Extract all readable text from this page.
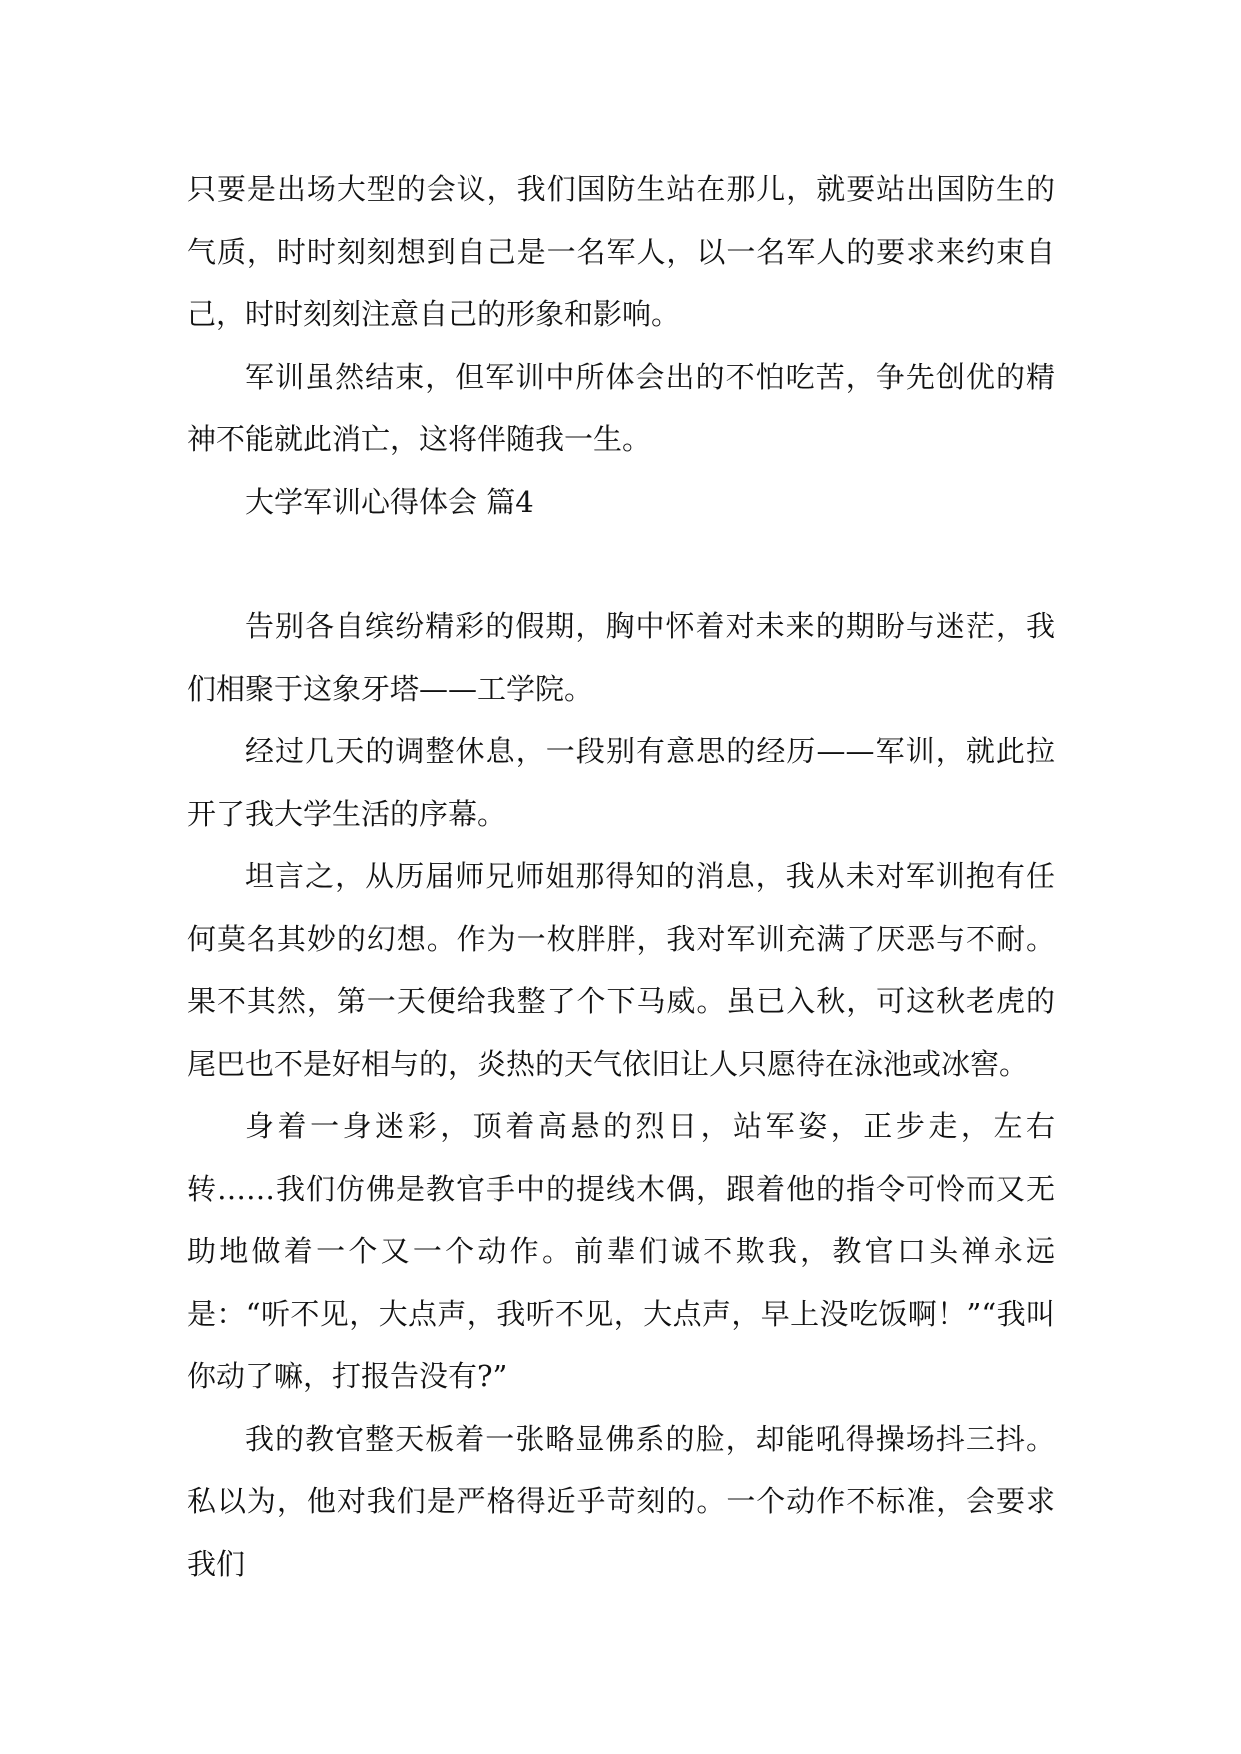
只要是出场大型的会议，我们国防生站在那儿，就要站出国防生的气质，时时刻刻想到自己是一名军人，以一名军人的要求来约束自己，时时刻刻注意自己的形象和影响。

军训虽然结束，但军训中所体会出的不怕吃苦，争先创优的精神不能就此消亡，这将伴随我一生。

大学军训心得体会 篇4

告别各自缤纷精彩的假期，胸中怀着对未来的期盼与迷茫，我们相聚于这象牙塔——工学院。

经过几天的调整休息，一段别有意思的经历——军训，就此拉开了我大学生活的序幕。

坦言之，从历届师兄师姐那得知的消息，我从未对军训抱有任何莫名其妙的幻想。作为一枚胖胖，我对军训充满了厌恶与不耐。果不其然，第一天便给我整了个下马威。虽已入秋，可这秋老虎的尾巴也不是好相与的，炎热的天气依旧让人只愿待在泳池或冰窖。

身着一身迷彩，顶着高悬的烈日，站军姿，正步走，左右转……我们仿佛是教官手中的提线木偶，跟着他的指令可怜而又无助地做着一个又一个动作。前辈们诚不欺我，教官口头禅永远是：“听不见，大点声，我听不见，大点声，早上没吃饭啊！”“我叫你动了嘛，打报告没有?”

我的教官整天板着一张略显佛系的脸，却能吼得操场抖三抖。私以为，他对我们是严格得近乎苛刻的。一个动作不标准，会要求我们
